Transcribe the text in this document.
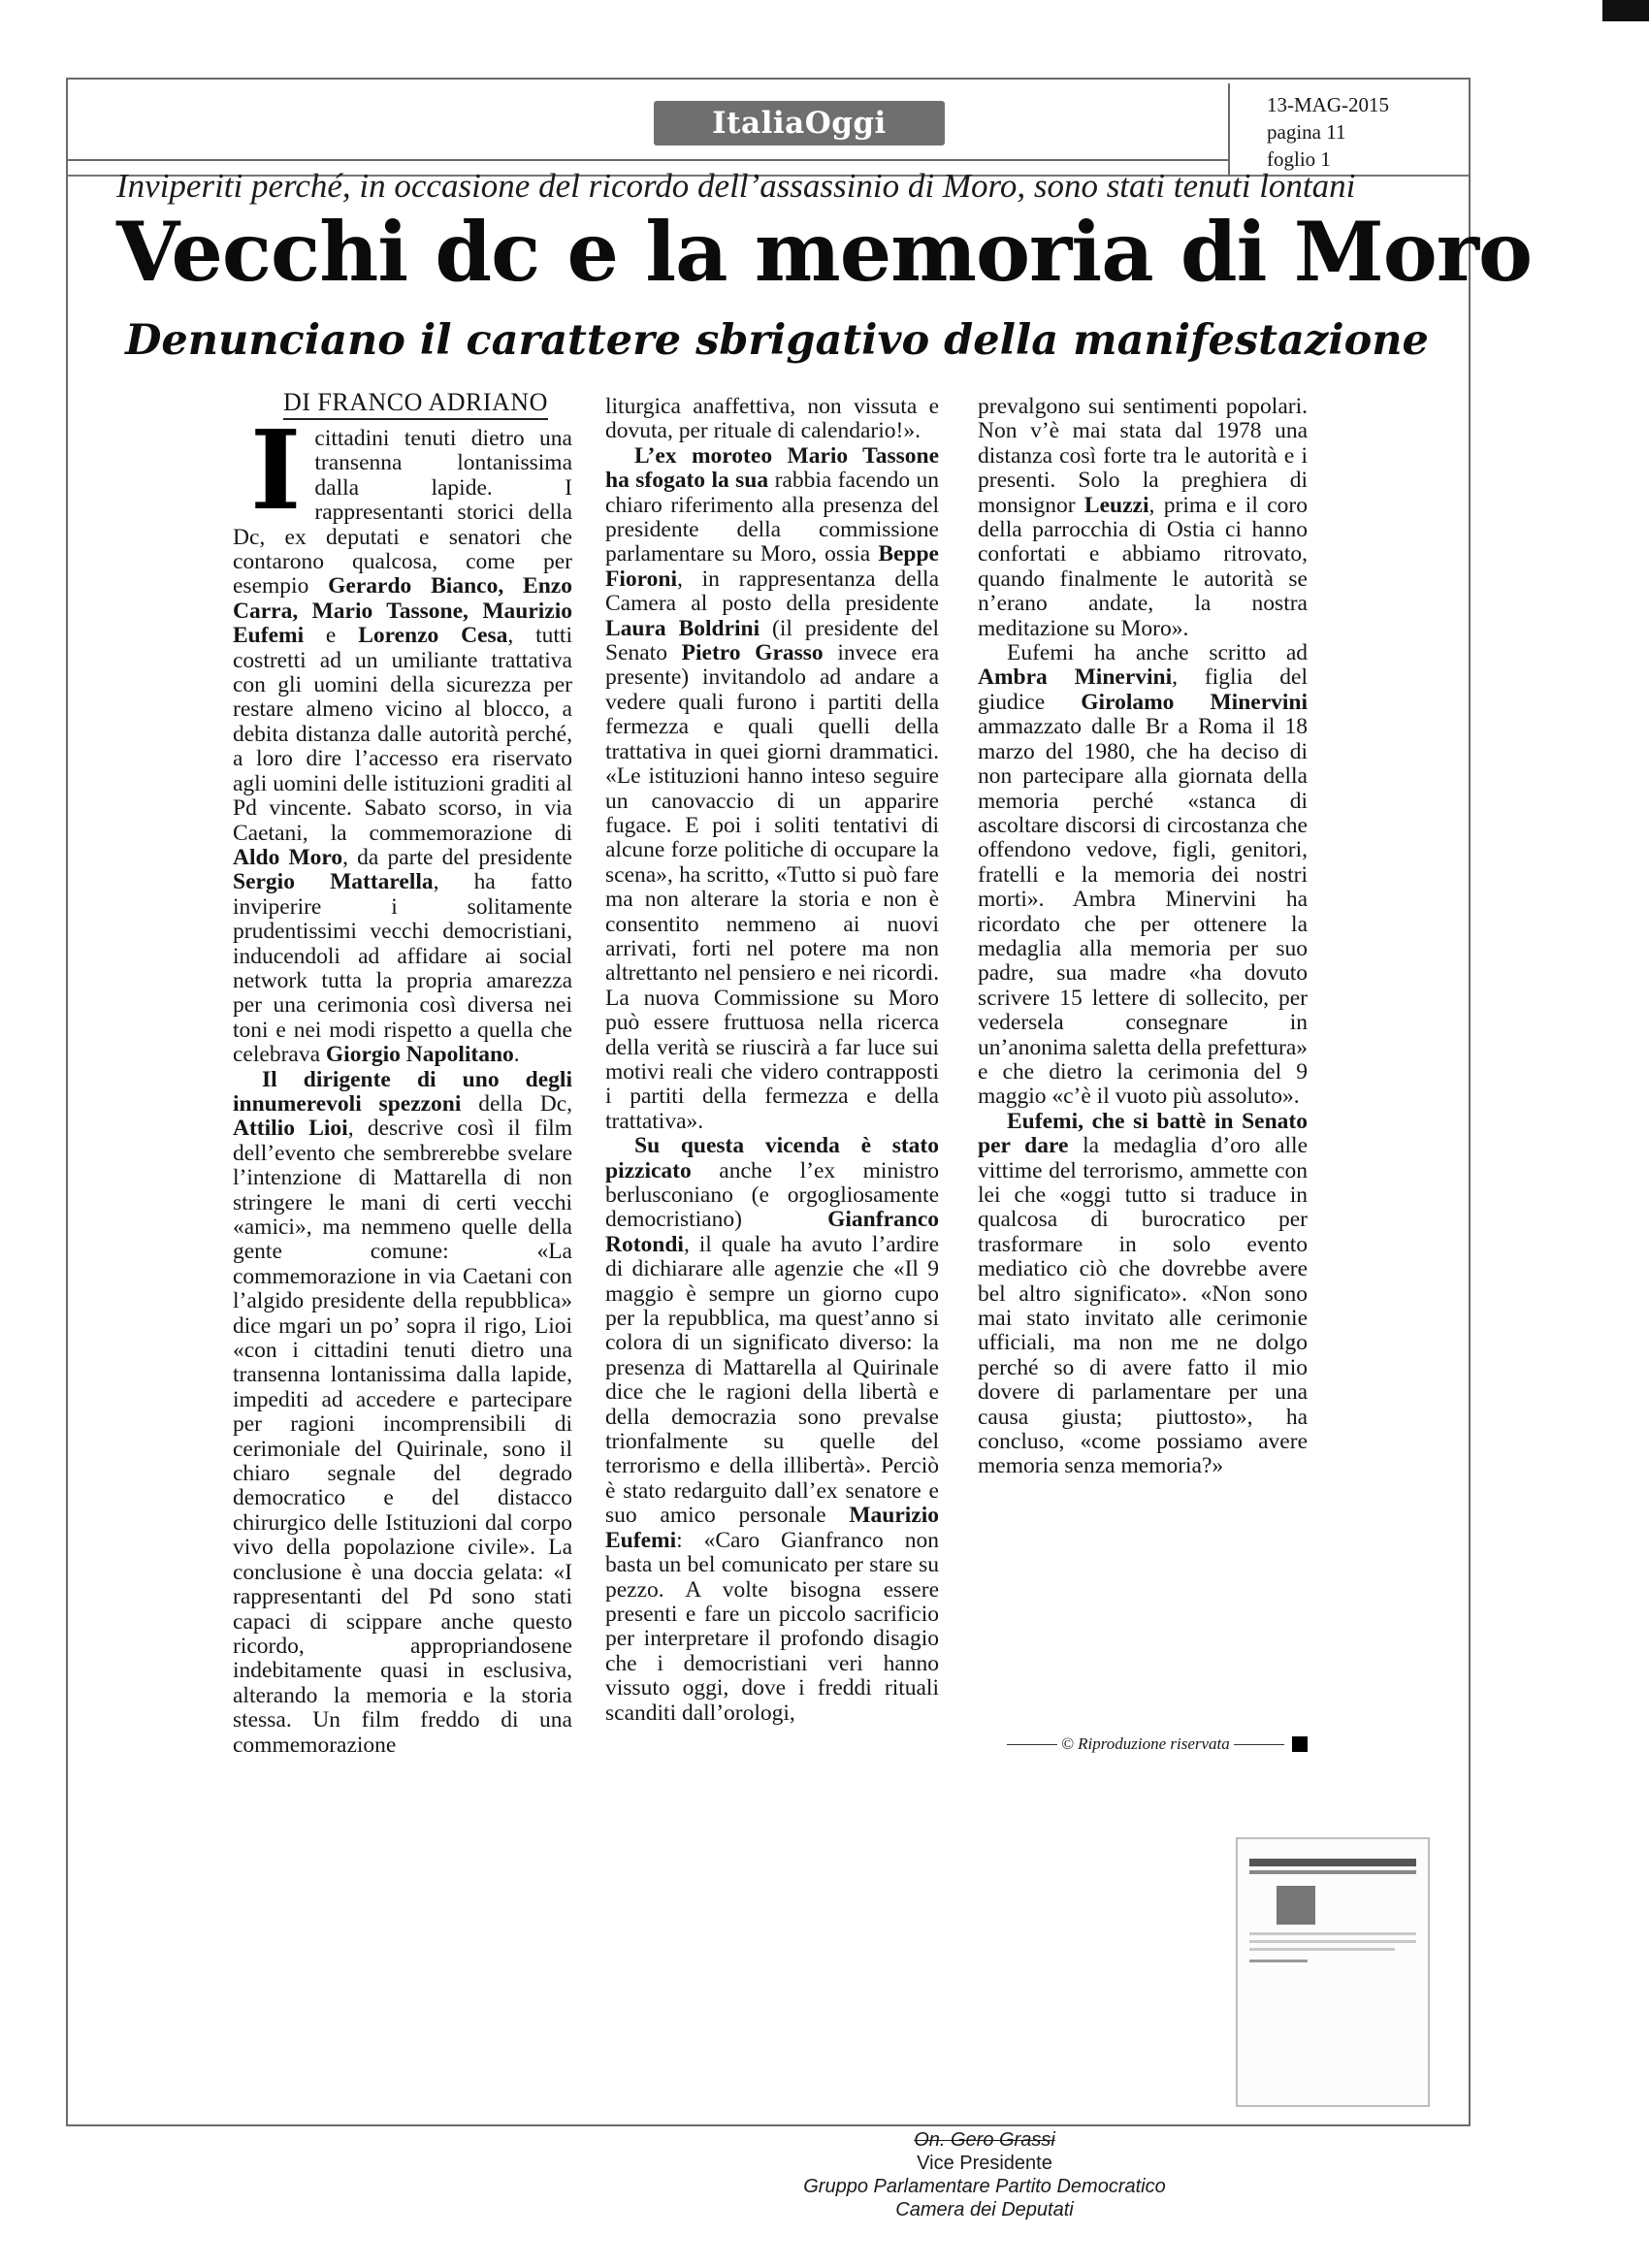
ItaliaOggi
13-MAG-2015
pagina 11
foglio 1
Inviperiti perché, in occasione del ricordo dell’assassinio di Moro, sono stati tenuti lontani
Vecchi dc e la memoria di Moro
Denunciano il carattere sbrigativo della manifestazione
DI FRANCO ADRIANO

Icittadini tenuti dietro una transenna lontanissima dalla lapide. I rappresentanti storici della Dc, ex deputati e senatori che contarono qualcosa, come per esempio Gerardo Bianco, Enzo Carra, Mario Tassone, Maurizio Eufemi e Lorenzo Cesa, tutti costretti ad un umiliante trattativa con gli uomini della sicurezza per restare almeno vicino al blocco, a debita distanza dalle autorità perché, a loro dire l’accesso era riservato agli uomini delle istituzioni graditi al Pd vincente. Sabato scorso, in via Caetani, la commemorazione di Aldo Moro, da parte del presidente Sergio Mattarella, ha fatto inviperire i solitamente prudentissimi vecchi democristiani, inducendoli ad affidare ai social network tutta la propria amarezza per una cerimonia così diversa nei toni e nei modi rispetto a quella che celebrava Giorgio Napolitano.

Il dirigente di uno degli innumerevoli spezzoni della Dc, Attilio Lioi, descrive così il film dell’evento che sembrerebbe svelare l’intenzione di Mattarella di non stringere le mani di certi vecchi «amici», ma nemmeno quelle della gente comune: «La commemorazione in via Caetani con l’algido presidente della repubblica» dice mgari un po’ sopra il rigo, Lioi «con i cittadini tenuti dietro una transenna lontanissima dalla lapide, impediti ad accedere e partecipare per ragioni incomprensibili di cerimoniale del Quirinale, sono il chiaro segnale del degrado democratico e del distacco chirurgico delle Istituzioni dal corpo vivo della popolazione civile». La conclusione è una doccia gelata: «I rappresentanti del Pd sono stati capaci di scippare anche questo ricordo, appropriandosene indebitamente quasi in esclusiva, alterando la memoria e la storia stessa. Un film freddo di una commemorazione

liturgica anaffettiva, non vissuta e dovuta, per rituale di calendario!».

L’ex moroteo Mario Tassone ha sfogato la sua rabbia facendo un chiaro riferimento alla presenza del presidente della commissione parlamentare su Moro, ossia Beppe Fioroni, in rappresentanza della Camera al posto della presidente Laura Boldrini (il presidente del Senato Pietro Grasso invece era presente) invitandolo ad andare a vedere quali furono i partiti della fermezza e quali quelli della trattativa in quei giorni drammatici. «Le istituzioni hanno inteso seguire un canovaccio di un apparire fugace. E poi i soliti tentativi di alcune forze politiche di occupare la scena», ha scritto, «Tutto si può fare ma non alterare la storia e non è consentito nemmeno ai nuovi arrivati, forti nel potere ma non altrettanto nel pensiero e nei ricordi. La nuova Commissione su Moro può essere fruttuosa nella ricerca della verità se riuscirà a far luce sui motivi reali che videro contrapposti i partiti della fermezza e della trattativa».

Su questa vicenda è stato pizzicato anche l’ex ministro berlusconiano (e orgogliosamente democristiano) Gianfranco Rotondi, il quale ha avuto l’ardire di dichiarare alle agenzie che «Il 9 maggio è sempre un giorno cupo per la repubblica, ma quest’anno si colora di un significato diverso: la presenza di Mattarella al Quirinale dice che le ragioni della libertà e della democrazia sono prevalse trionfalmente su quelle del terrorismo e della illibertà». Perciò è stato redarguito dall’ex senatore e suo amico personale Maurizio Eufemi: «Caro Gianfranco non basta un bel comunicato per stare su pezzo. A volte bisogna essere presenti e fare un piccolo sacrificio per interpretare il profondo disagio che i democristiani veri hanno vissuto oggi, dove i freddi rituali scanditi dall’orologi,

prevalgono sui sentimenti popolari. Non v’è mai stata dal 1978 una distanza così forte tra le autorità e i presenti. Solo la preghiera di monsignor Leuzzi, prima e il coro della parrocchia di Ostia ci hanno confortati e abbiamo ritrovato, quando finalmente le autorità se n’erano andate, la nostra meditazione su Moro».

Eufemi ha anche scritto ad Ambra Minervini, figlia del giudice Girolamo Minervini ammazzato dalle Br a Roma il 18 marzo del 1980, che ha deciso di non partecipare alla giornata della memoria perché «stanca di ascoltare discorsi di circostanza che offendono vedove, figli, genitori, fratelli e la memoria dei nostri morti». Ambra Minervini ha ricordato che per ottenere la medaglia alla memoria per suo padre, sua madre «ha dovuto scrivere 15 lettere di sollecito, per vedersela consegnare in un’anonima saletta della prefettura» e che dietro la cerimonia del 9 maggio «c’è il vuoto più assoluto».

Eufemi, che si battè in Senato per dare la medaglia d’oro alle vittime del terrorismo, ammette con lei che «oggi tutto si traduce in qualcosa di burocratico per trasformare in solo evento mediatico ciò che dovrebbe avere bel altro significato». «Non sono mai stato invitato alle cerimonie ufficiali, ma non me ne dolgo perché so di avere fatto il mio dovere di parlamentare per una causa giusta; piuttosto», ha concluso, «come possiamo avere memoria senza memoria?»

© Riproduzione riservata
On. Gero Grassi
Vice Presidente
Gruppo Parlamentare Partito Democratico
Camera dei Deputati
